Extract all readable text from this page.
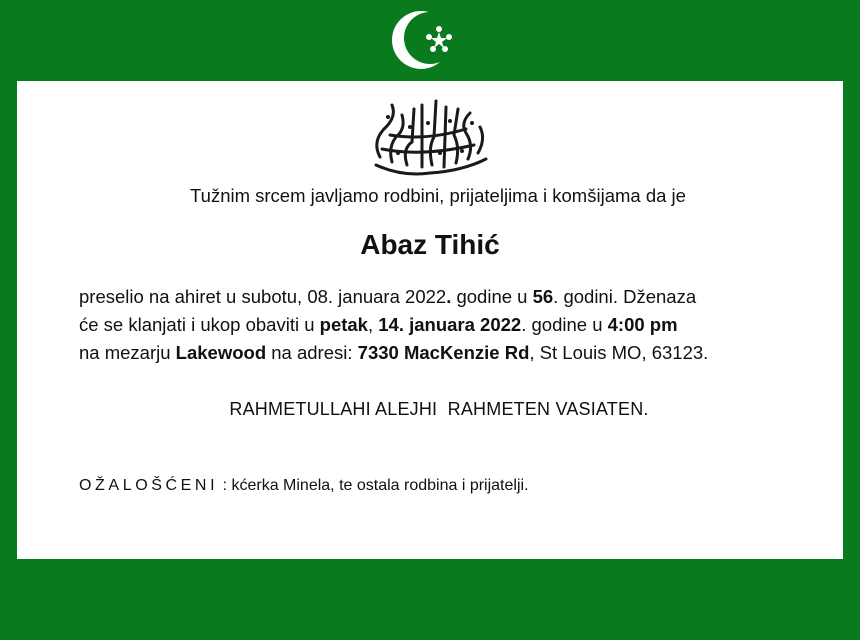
Tužnim srcem javljamo rodbini, prijateljima i komšijama da je
Abaz Tihić
preselio na ahiret u subotu, 08. januara 2022. godine u 56. godini. Dženaza
će se klanjati i ukop obaviti u petak, 14. januara 2022. godine u 4:00 pm
na mezarju Lakewood na adresi: 7330 MacKenzie Rd, St Louis MO, 63123.
RAHMETULLAHI ALEJHI  RAHMETEN VASIATEN.
OŽALOŠĆENI : kćerka Minela, te ostala rodbina i prijatelji.
